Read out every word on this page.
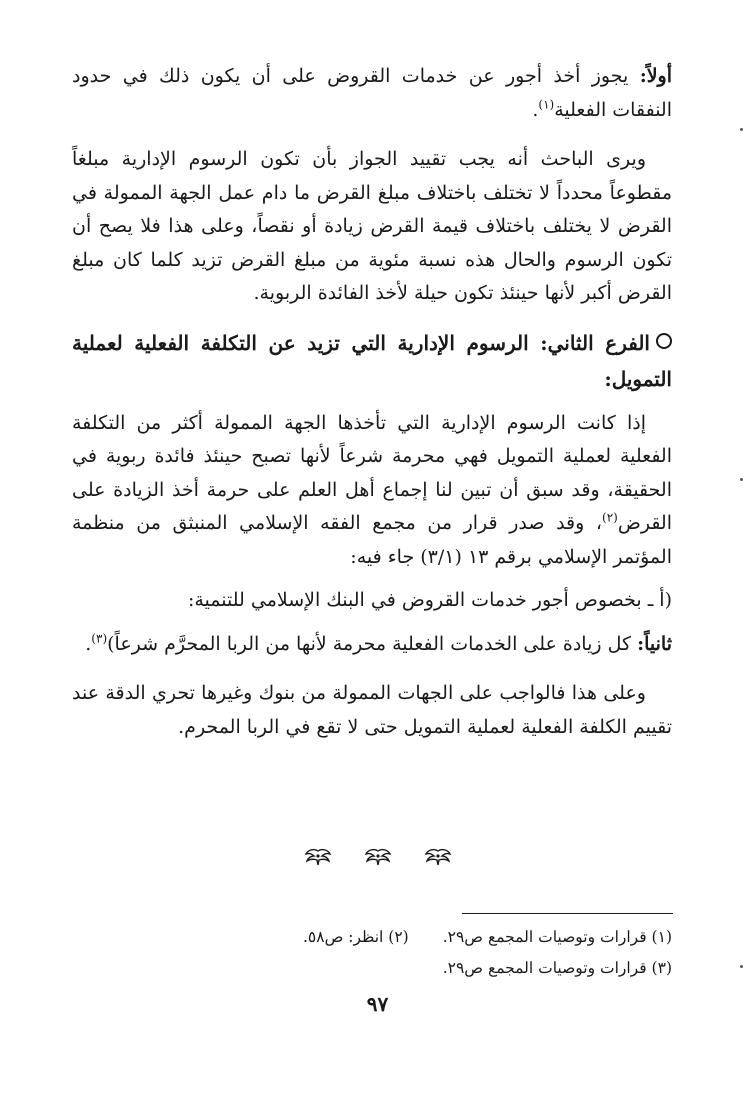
أولاً: يجوز أخذ أجور عن خدمات القروض على أن يكون ذلك في حدود النفقات الفعلية$^{(١)}$.

ويرى الباحث أنه يجب تقييد الجواز بأن تكون الرسوم الإدارية مبلغاً مقطوعاً محدداً لا تختلف باختلاف مبلغ القرض ما دام عمل الجهة الممولة في القرض لا يختلف باختلاف قيمة القرض زيادة أو نقصاً، وعلى هذا فلا يصح أن تكون الرسوم والحال هذه نسبة مئوية من مبلغ القرض تزيد كلما كان مبلغ القرض أكبر لأنها حينئذ تكون حيلة لأخذ الفائدة الربوية.

الفرع الثاني: الرسوم الإدارية التي تزيد عن التكلفة الفعلية لعملية التمويل:

إذا كانت الرسوم الإدارية التي تأخذها الجهة الممولة أكثر من التكلفة الفعلية لعملية التمويل فهي محرمة شرعاً لأنها تصبح حينئذ فائدة ربوية في الحقيقة، وقد سبق أن تبين لنا إجماع أهل العلم على حرمة أخذ الزيادة على القرض$^{(٢)}$، وقد صدر قرار من مجمع الفقه الإسلامي المنبثق من منظمة المؤتمر الإسلامي برقم ١٣ (٣/١) جاء فيه:

(أ ـ بخصوص أجور خدمات القروض في البنك الإسلامي للتنمية:

ثانياً: كل زيادة على الخدمات الفعلية محرمة لأنها من الربا المحرَّم شرعاً)$^{(٣)}$.

وعلى هذا فالواجب على الجهات الممولة من بنوك وغيرها تحري الدقة عند تقييم الكلفة الفعلية لعملية التمويل حتى لا تقع في الربا المحرم.

(١) قرارات وتوصيات المجمع ص٢٩.(٢) انظر: ص٥٨.

(٣) قرارات وتوصيات المجمع ص٢٩.

٩٧
